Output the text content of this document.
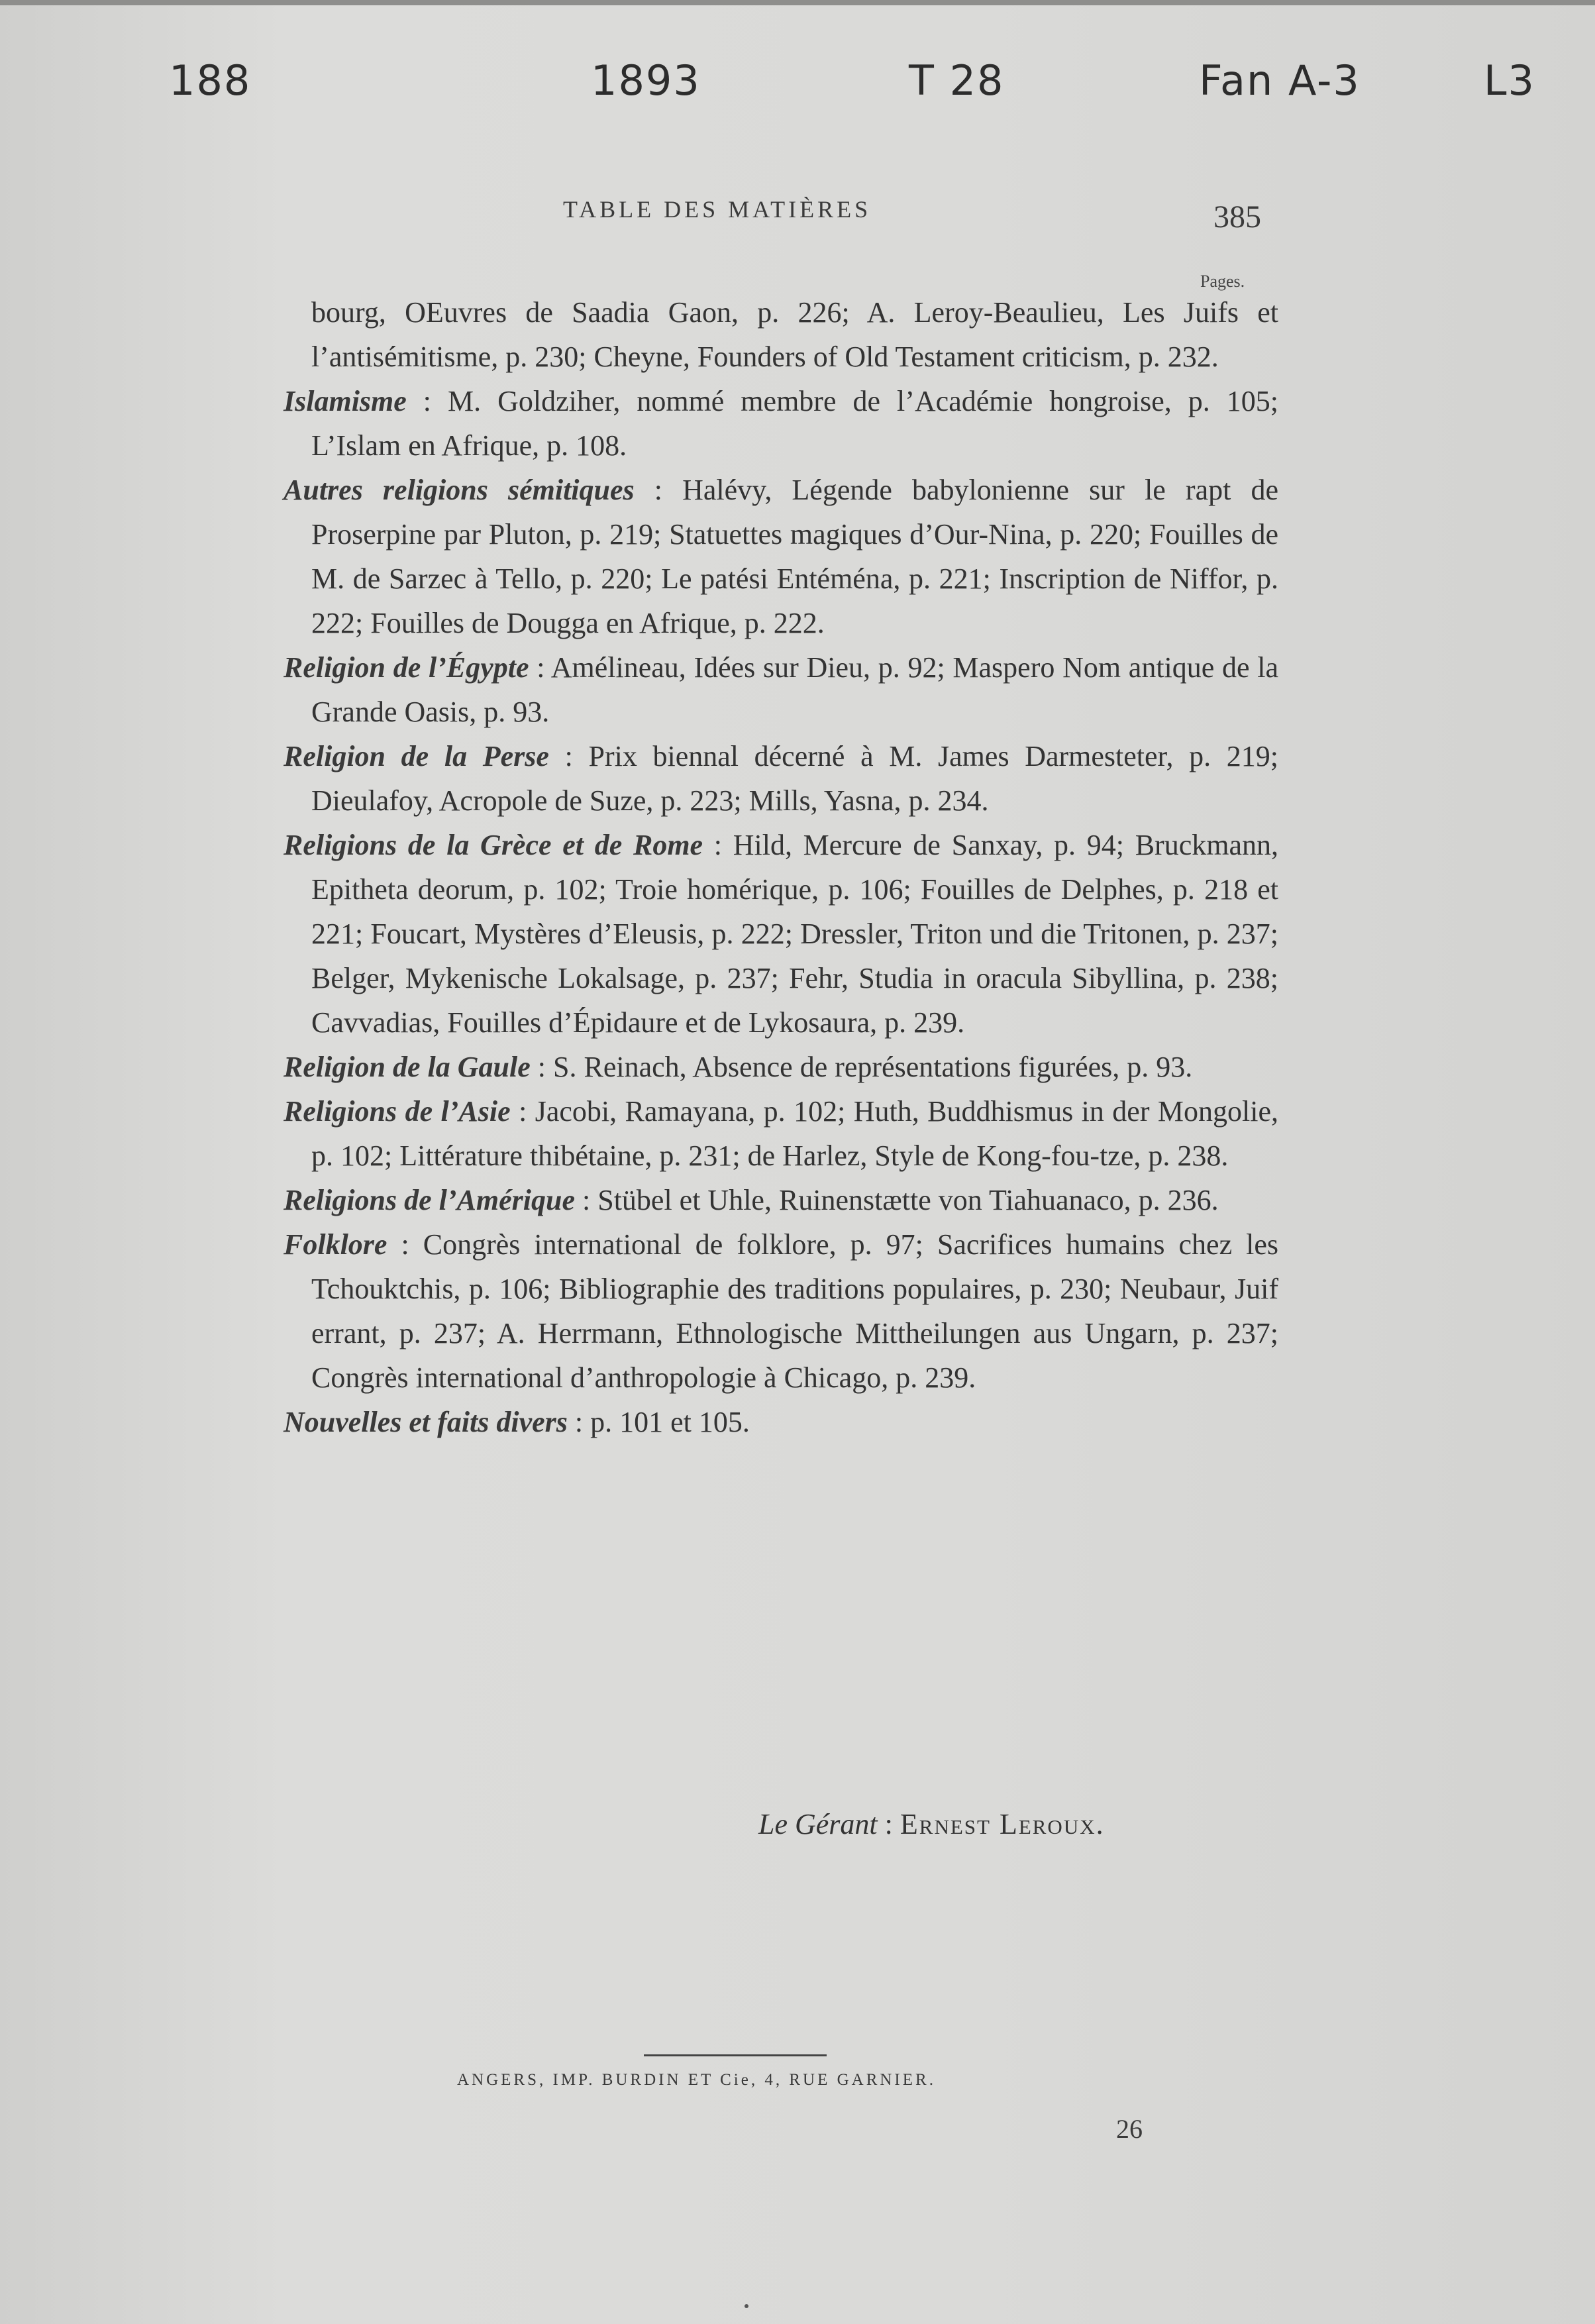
188	1893	T 28	Fan A-3	L3
TABLE DES MATIÈRES	385
Pages.
bourg, OEuvres de Saadia Gaon, p. 226; A. Leroy-Beaulieu, Les Juifs et l’antisémitisme, p. 230; Cheyne, Founders of Old Testament criticism, p. 232.
Islamisme : M. Goldziher, nommé membre de l’Académie hongroise, p. 105; L’Islam en Afrique, p. 108.
Autres religions sémitiques : Halévy, Légende babylonienne sur le rapt de Proserpine par Pluton, p. 219; Statuettes magiques d’Our-Nina, p. 220; Fouilles de M. de Sarzec à Tello, p. 220; Le patési Entéména, p. 221; Inscription de Niffor, p. 222; Fouilles de Dougga en Afrique, p. 222.
Religion de l’Égypte : Amélineau, Idées sur Dieu, p. 92; Maspero Nom antique de la Grande Oasis, p. 93.
Religion de la Perse : Prix biennal décerné à M. James Darmesteter, p. 219; Dieulafoy, Acropole de Suze, p. 223; Mills, Yasna, p. 234.
Religions de la Grèce et de Rome : Hild, Mercure de Sanxay, p. 94; Bruckmann, Epitheta deorum, p. 102; Troie homérique, p. 106; Fouilles de Delphes, p. 218 et 221; Foucart, Mystères d’Eleusis, p. 222; Dressler, Triton und die Tritonen, p. 237; Belger, Mykenische Lokalsage, p. 237; Fehr, Studia in oracula Sibyllina, p. 238; Cavvadias, Fouilles d’Épidaure et de Lykosaura, p. 239.
Religion de la Gaule : S. Reinach, Absence de représentations figurées, p. 93.
Religions de l’Asie : Jacobi, Ramayana, p. 102; Huth, Buddhismus in der Mongolie, p. 102; Littérature thibétaine, p. 231; de Harlez, Style de Kong-fou-tze, p. 238.
Religions de l’Amérique : Stübel et Uhle, Ruinenstætte von Tiahuanaco, p. 236.
Folklore : Congrès international de folklore, p. 97; Sacrifices humains chez les Tchouktchis, p. 106; Bibliographie des traditions populaires, p. 230; Neubaur, Juif errant, p. 237; A. Herrmann, Ethnologische Mittheilungen aus Ungarn, p. 237; Congrès international d’anthropologie à Chicago, p. 239.
Nouvelles et faits divers : p. 101 et 105.
Le Gérant : Ernest Leroux.
ANGERS, IMP. BURDIN ET Cie, 4, RUE GARNIER.
26
